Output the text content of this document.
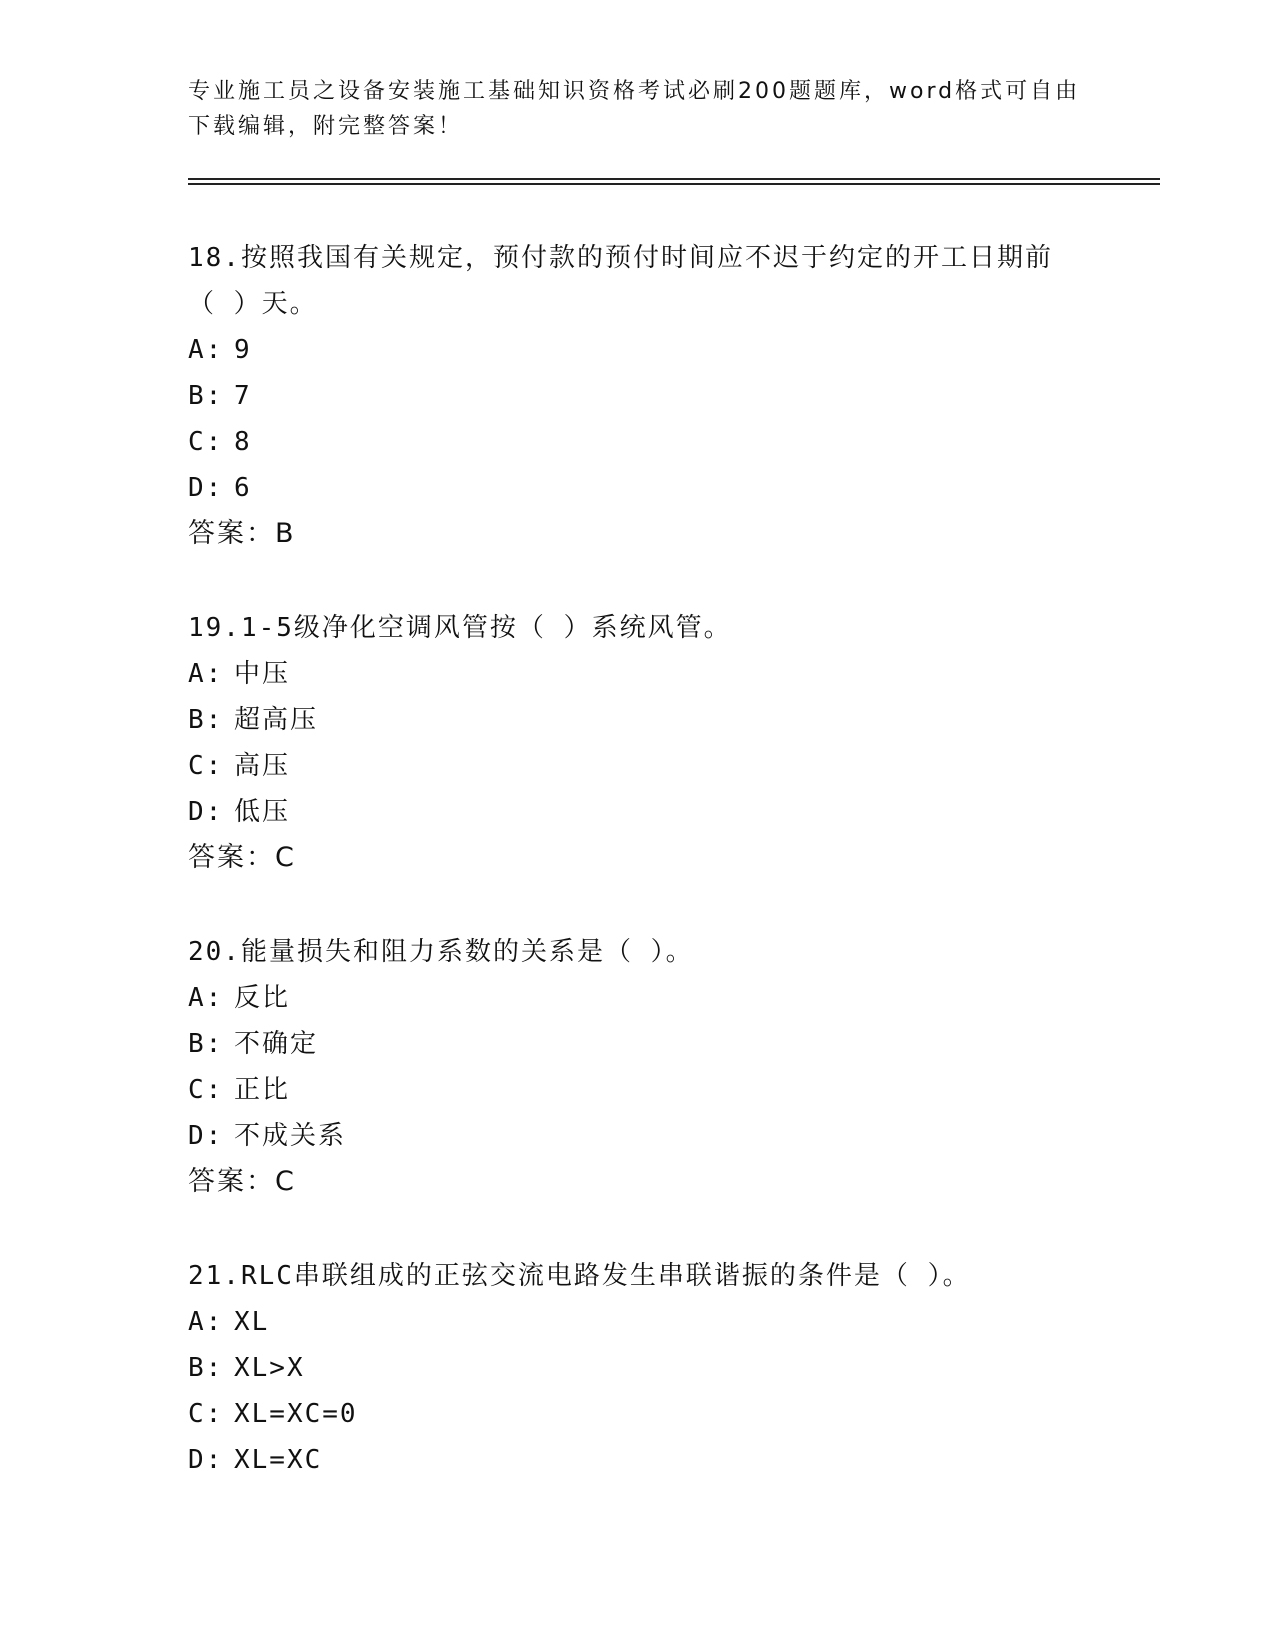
专业施工员之设备安装施工基础知识资格考试必刷200题题库，word格式可自由
下载编辑，附完整答案！
18.按照我国有关规定，预付款的预付时间应不迟于约定的开工日期前
（ ）天。
A: 9
B: 7
C: 8
D: 6
答案：B
19.1-5级净化空调风管按（ ）系统风管。
A: 中压
B: 超高压
C: 高压
D: 低压
答案：C
20.能量损失和阻力系数的关系是（ ）。
A: 反比
B: 不确定
C: 正比
D: 不成关系
答案：C
21.RLC串联组成的正弦交流电路发生串联谐振的条件是（ ）。
A: XL
B: XL>X
C: XL=XC=0
D: XL=XC
